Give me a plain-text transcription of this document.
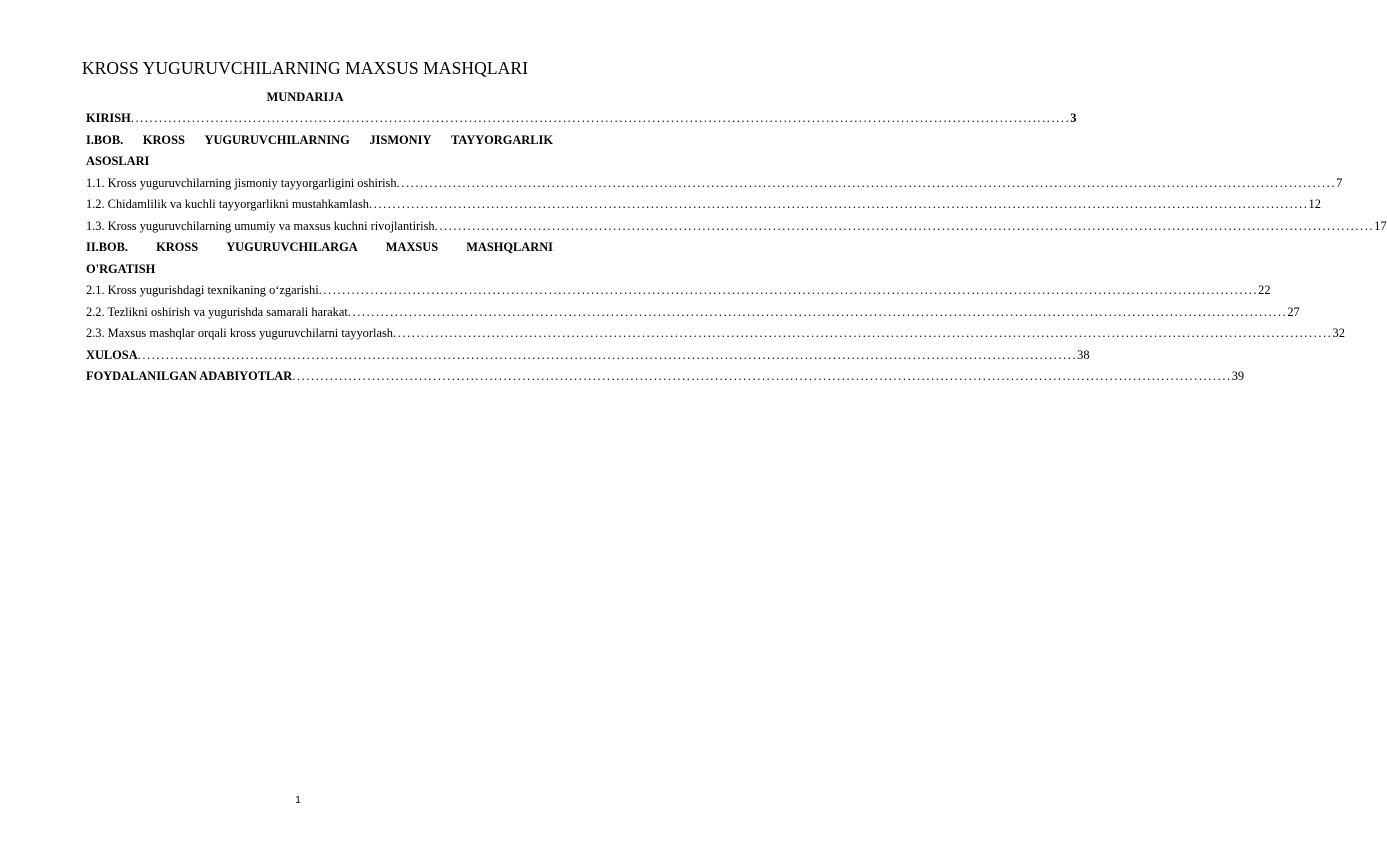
KROSS YUGURUVCHILARNING MAXSUS MASHQLARI
MUNDARIJA
KIRISH ........................................................................................................................................................................................................ 3
I.BOB. KROSS YUGURUVCHILARNING JISMONIY TAYYORGARLIK
ASOSLARI
1.1. Kross yuguruvchilarning jismoniy tayyorgarligini oshirish ........................................................................................................................................................................................................ 7
1.2. Chidamlilik va kuchli tayyorgarlikni mustahkamlash ........................................................................................................................................................................................................ 12
1.3. Kross yuguruvchilarning umumiy va maxsus kuchni rivojlantirish ........................................................................................................................................................................................................ 17
II.BOB. KROSS YUGURUVCHILARGA MAXSUS MASHQLARNI
O'RGATISH
2.1. Kross yugurishdagi texnikaning o‘zgarishi ........................................................................................................................................................................................................ 22
2.2. Tezlikni oshirish va yugurishda samarali harakat ........................................................................................................................................................................................................ 27
2.3. Maxsus mashqlar orqali kross yuguruvchilarni tayyorlash ........................................................................................................................................................................................................ 32
XULOSA ........................................................................................................................................................................................................ 38
FOYDALANILGAN ADABIYOTLAR ........................................................................................................................................................................................................ 39
1
